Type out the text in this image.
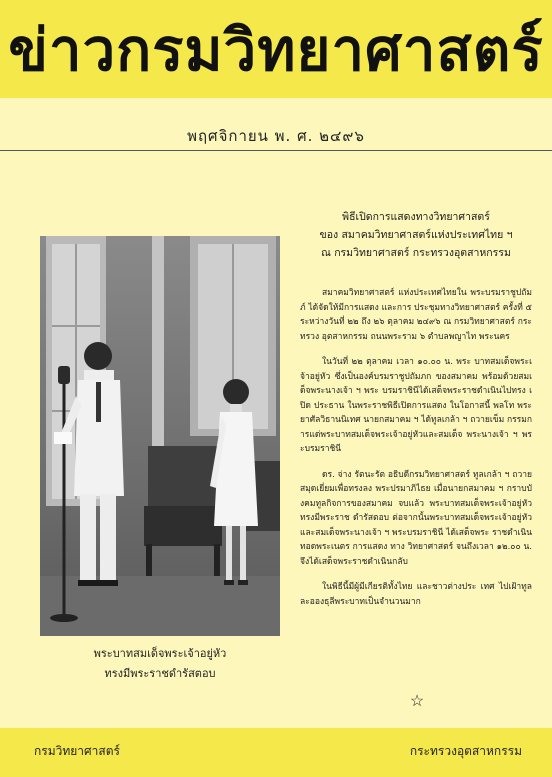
ข่าวกรมวิทยาศาสตร์
พฤศจิกายน พ. ศ. ๒๔๙๖
พิธีเปิดการแสดงทางวิทยาศาสตร์
ของ สมาคมวิทยาศาสตร์แห่งประเทศไทย ฯ
ณ กรมวิทยาศาสตร์ กระทรวงอุตสาหกรรม

สมาคมวิทยาศาสตร์ แห่งประเทศไทยใน พระบรมราชูปถัมภ์ ได้จัดให้มีการแสดง และการ ประชุมทางวิทยาศาสตร์ ครั้งที่ ๕ ระหว่างวันที่ ๒๒ ถึง ๒๖ ตุลาคม ๒๔๙๖ ณ กรมวิทยาศาสตร์ กระทรวง อุตสาหกรรม ถนนพระราม ๖ ตำบลพญาไท พระนคร

ในวันที่ ๒๒ ตุลาคม เวลา ๑๐.๐๐ น. พระ บาทสมเด็จพระเจ้าอยู่หัว ซึ่งเป็นองค์บรมราชูปถัมภก ของสมาคม พร้อมด้วยสมเด็จพระนางเจ้า ฯ พระ บรมราชินีได้เสด็จพระราชดำเนินไปทรง เปิด ประธาน ในพระราชพิธีเปิดการแสดง ในโอกาสนี้ พลโท พระยาศัลวิธานนิเทศ นายกสมาคม ฯ ได้ทูลเกล้า ฯ ถวายเข็ม กรรมการแด่พระบาทสมเด็จพระเจ้าอยู่หัวและสมเด็จ พระนางเจ้า ฯ พระบรมราชินี

ดร. จ่าง รัตนะรัต อธิบดีกรมวิทยาศาสตร์ ทูลเกล้า ฯ ถวายสมุดเยี่ยมเพื่อทรงลง พระปรมาภิไธย เมื่อนายกสมาคม ฯ กราบบังคมทูลกิจการของสมาคม จบแล้ว พระบาทสมเด็จพระเจ้าอยู่หัวทรงมีพระราช ดำรัสตอบ ต่อจากนั้นพระบาทสมเด็จพระเจ้าอยู่หัว และสมเด็จพระนางเจ้า ฯ พระบรมราชินี ได้เสด็จพระ ราชดำเนิน ทอดพระเนตร การแสดง ทาง วิทยาศาสตร์ จนถึงเวลา ๑๒.๐๐ น. จึงได้เสด็จพระราชดำเนินกลับ

ในพิธีนี้มีผู้มีเกียรติทั้งไทย และชาวต่างประ เทศ ไปเฝ้าทูลละอองธุลีพระบาทเป็นจำนวนมาก

พระบาทสมเด็จพระเจ้าอยู่หัว
ทรงมีพระราชดำรัสตอบ
☆
กรมวิทยาศาสตร์	กระทรวงอุตสาหกรรม
